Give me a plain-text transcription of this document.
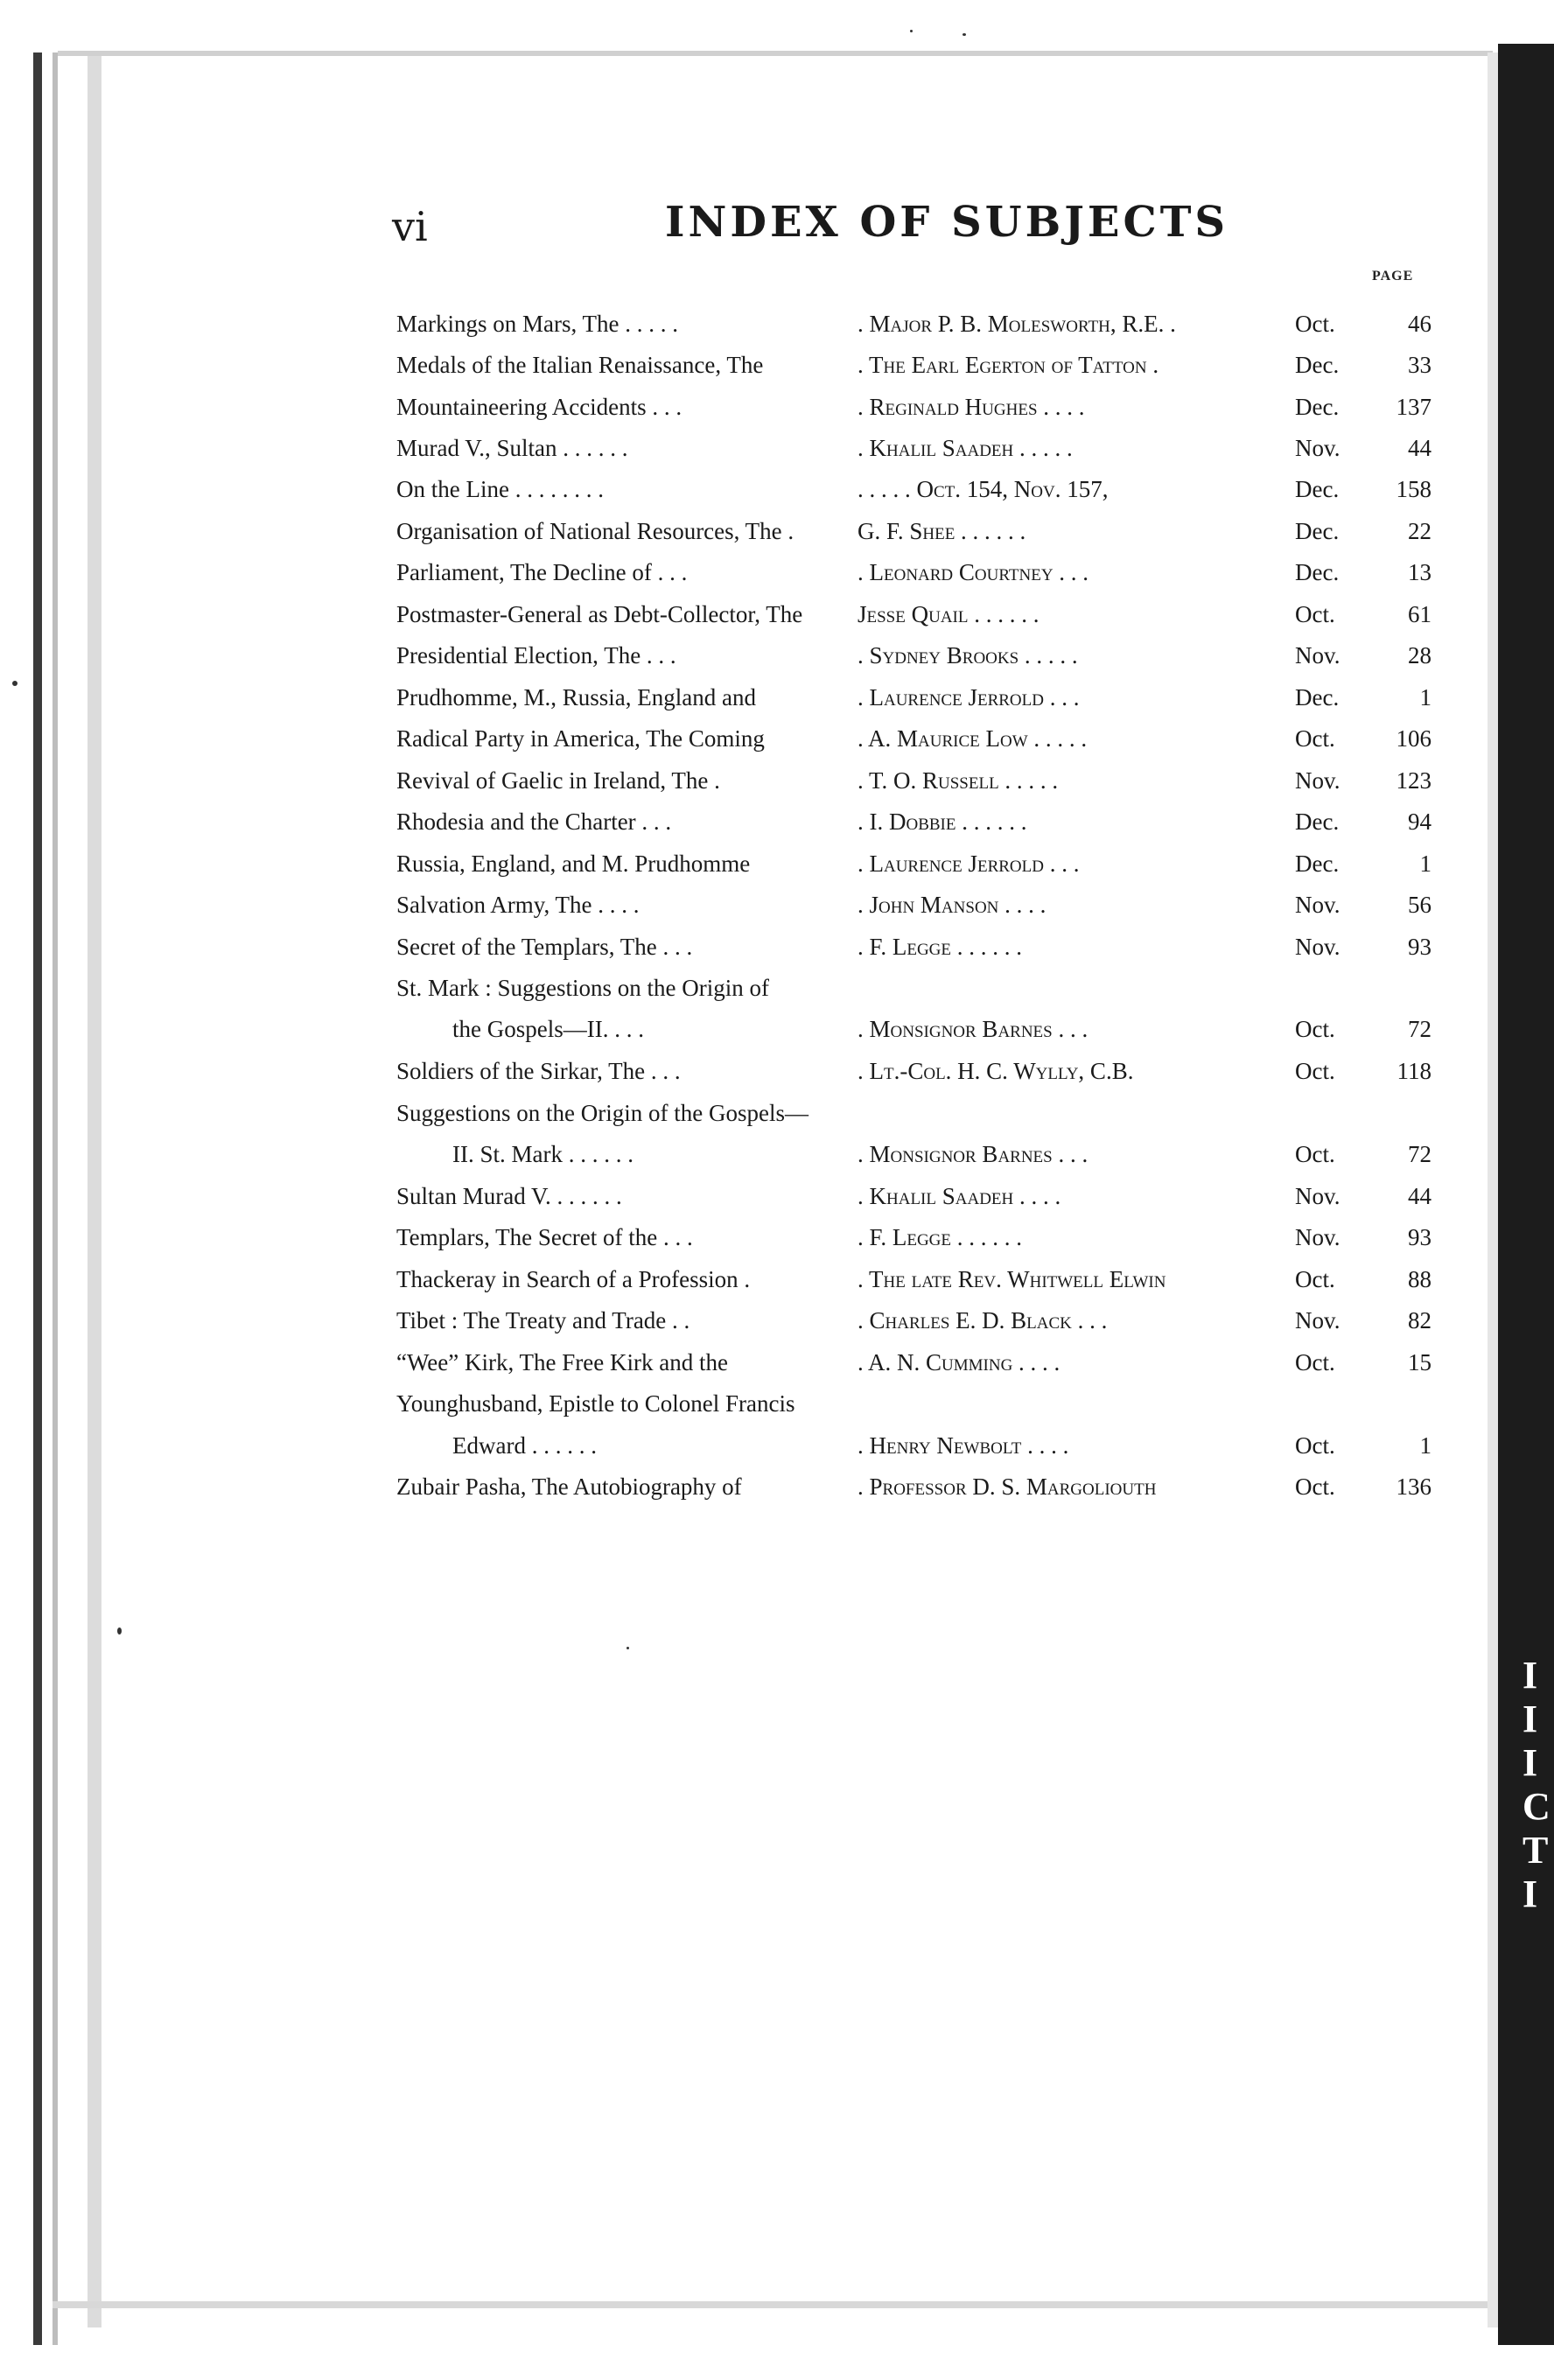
I
I
I
C
T
I
vi	INDEX OF SUBJECTS
PAGE
Markings on Mars, The . . . . .	. Major P. B. Molesworth, R.E. .	Oct.	46
Medals of the Italian Renaissance, The	. The Earl Egerton of Tatton .	Dec.	33
Mountaineering Accidents . . .	. Reginald Hughes . . . .	Dec. 137
Murad V., Sultan . . . . . .	. Khalil Saadeh . . . . .	Nov.	44
On the Line . . . . . . . .	. . . . . Oct. 154, Nov. 157,	Dec. 158
Organisation of National Resources, The .	G. F. Shee . . . . . .	Dec.	22
Parliament, The Decline of . . .	. Leonard Courtney . . .	Dec.	13
Postmaster-General as Debt-Collector, The Jesse Quail . . . . . .	Oct.	61
Presidential Election, The . . .	. Sydney Brooks . . . . .	Nov.	28
Prudhomme, M., Russia, England and	. Laurence Jerrold . . .	Dec.	1
Radical Party in America, The Coming	. A. Maurice Low . . . . .	Oct.	106
Revival of Gaelic in Ireland, The .	. T. O. Russell . . . . .	Nov. 123
Rhodesia and the Charter . . .	. I. Dobbie . . . . . .	Dec.	94
Russia, England, and M. Prudhomme	. Laurence Jerrold . . .	Dec.	1
Salvation Army, The . . . .	. John Manson . . . .	Nov.	56
Secret of the Templars, The . . .	. F. Legge . . . . . .	Nov.	93
St. Mark : Suggestions on the Origin of
the Gospels—II. . . .	. Monsignor Barnes . . .	Oct.	72
Soldiers of the Sirkar, The . . .	. Lt.-Col. H. C. Wylly, C.B.	Oct.	118
Suggestions on the Origin of the Gospels—
II. St. Mark . . . . . .	. Monsignor Barnes . . .	Oct.	72
Sultan Murad V. . . . . . .	. Khalil Saadeh . . . .	Nov.	44
Templars, The Secret of the . . .	. F. Legge . . . . . .	Nov.	93
Thackeray in Search of a Profession .	. The late Rev. Whitwell Elwin	Oct.	88
Tibet : The Treaty and Trade . .	. Charles E. D. Black . . .	Nov.	82
“Wee” Kirk, The Free Kirk and the	. A. N. Cumming . . . .	Oct.	15
Younghusband, Epistle to Colonel Francis
Edward . . . . . .	. Henry Newbolt . . . .	Oct.	1
Zubair Pasha, The Autobiography of	. Professor D. S. Margoliouth	Oct.	136
